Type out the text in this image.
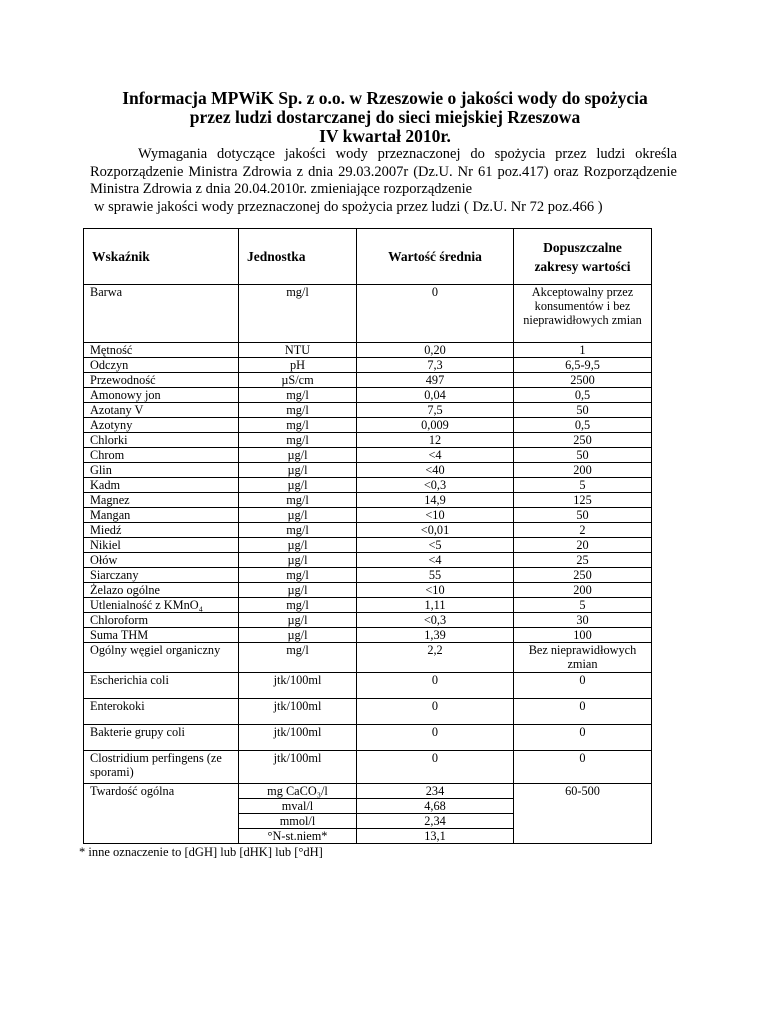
Informacja MPWiK Sp. z o.o. w Rzeszowie o jakości wody do spożycia
przez ludzi dostarczanej do sieci miejskiej Rzeszowa
IV kwartał 2010r.

Wymagania dotyczące jakości wody przeznaczonej do spożycia przez ludzi określa Rozporządzenie Ministra Zdrowia z dnia 29.03.2007r (Dz.U. Nr 61 poz.417) oraz Rozporządzenie Ministra Zdrowia z dnia 20.04.2010r. zmieniające rozporządzenie

w sprawie jakości wody przeznaczonej do spożycia przez ludzi ( Dz.U. Nr 72 poz.466 )

Wskaźnik	Jednostka	Wartość średnia	Dopuszczalne zakresy wartości
Barwa	mg/l	0	Akceptowalny przez konsumentów i bez nieprawidłowych zmian
Mętność	NTU	0,20	1
Odczyn	pH	7,3	6,5-9,5
Przewodność	µS/cm	497	2500
Amonowy jon	mg/l	0,04	0,5
Azotany V	mg/l	7,5	50
Azotyny	mg/l	0,009	0,5
Chlorki	mg/l	12	250
Chrom	µg/l	<4	50
Glin	µg/l	<40	200
Kadm	µg/l	<0,3	5
Magnez	mg/l	14,9	125
Mangan	µg/l	<10	50
Miedź	mg/l	<0,01	2
Nikiel	µg/l	<5	20
Ołów	µg/l	<4	25
Siarczany	mg/l	55	250
Żelazo ogólne	µg/l	<10	200
Utlenialność z KMnO₄	mg/l	1,11	5
Chloroform	µg/l	<0,3	30
Suma THM	µg/l	1,39	100
Ogólny węgiel organiczny	mg/l	2,2	Bez nieprawidłowych zmian
Escherichia coli	jtk/100ml	0	0
Enterokoki	jtk/100ml	0	0
Bakterie grupy coli	jtk/100ml	0	0
Clostridium perfingens (ze sporami)	jtk/100ml	0	0
Twardość ogólna	mg CaCO₃/l	234	60-500
	mval/l	4,68	
	mmol/l	2,34	
	°N-st.niem*	13,1	
* inne oznaczenie to [dGH] lub [dHK] lub [°dH]
